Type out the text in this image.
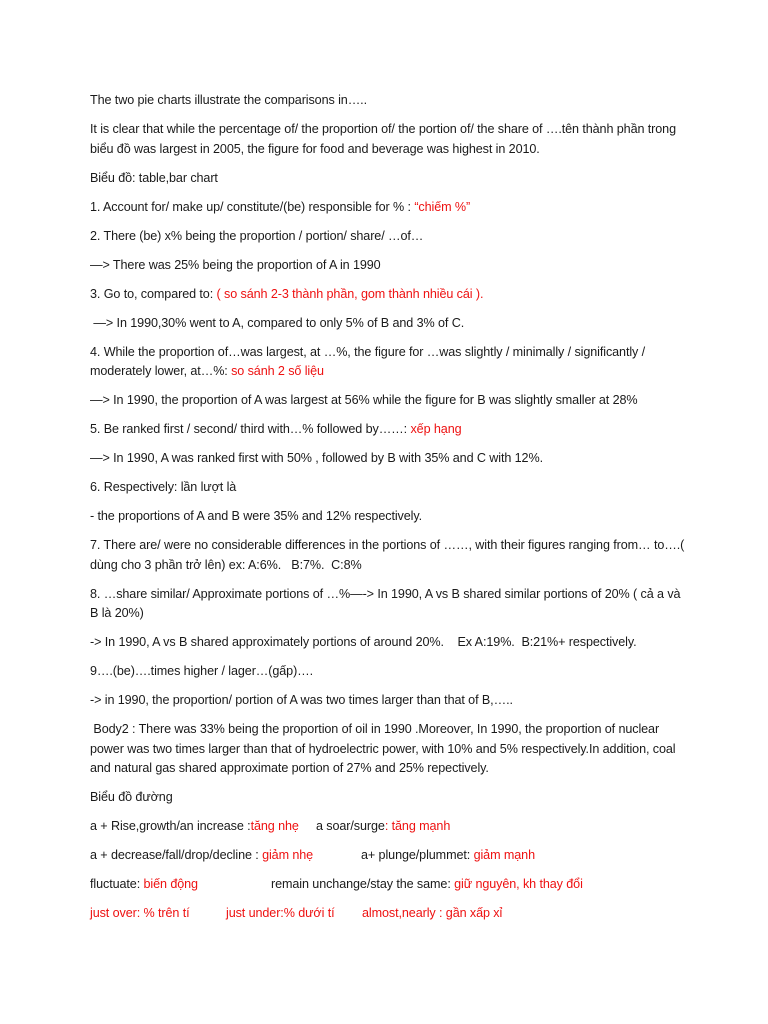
The two pie charts illustrate the comparisons in…..

It is clear that while the percentage of/ the proportion of/ the portion of/ the share of ….tên thành phần trong biểu đồ was largest in 2005, the figure for food and beverage was highest in 2010.

Biểu đồ: table,bar chart

1. Account for/ make up/ constitute/(be) responsible for % : “chiếm %”

2. There (be) x% being the proportion / portion/ share/ …of…

—> There was 25% being the proportion of A in 1990

3. Go to, compared to: ( so sánh 2-3 thành phần, gom thành nhiều cái ).

—> In 1990,30% went to A, compared to only 5% of B and 3% of C.

4. While the proportion of…was largest, at …%, the figure for …was slightly / minimally / significantly / moderately lower, at…%: so sánh 2 số liệu

—> In 1990, the proportion of A was largest at 56% while the figure for B was slightly smaller at 28%

5. Be ranked first / second/ third with…% followed by……: xếp hạng

—> In 1990, A was ranked first with 50% , followed by B with 35% and C with 12%.

6. Respectively: lần lượt là

- the proportions of A and B were 35% and 12% respectively.

7. There are/ were no considerable differences in the portions of ……, with their figures ranging from… to….( dùng cho 3 phần trở lên) ex: A:6%.   B:7%.  C:8%

8. …share similar/ Approximate portions of …%—-> In 1990, A vs B shared similar portions of 20% ( cả a và B là 20%)

-> In 1990, A vs B shared approximately portions of around 20%.    Ex A:19%.  B:21%+ respectively.

9….(be)….times higher / lager…(gấp)….

-> in 1990, the proportion/ portion of A was two times larger than that of B,…..

Body2 : There was 33% being the proportion of oil in 1990 .Moreover, In 1990, the proportion of nuclear power was two times larger than that of hydroelectric power, with 10% and 5% respectively.In addition, coal and natural gas shared approximate portion of 27% and 25% repectively.

Biểu đồ đường

a + Rise,growth/an increase :tăng nhẹ	a soar/surge: tăng mạnh
a + decrease/fall/drop/decline : giảm nhẹ	a+ plunge/plummet: giảm mạnh
fluctuate: biến động	remain unchange/stay the same: giữ nguyên, kh thay đổi
just over: % trên tí	just under:% dưới tí	almost,nearly : gần xấp xỉ
